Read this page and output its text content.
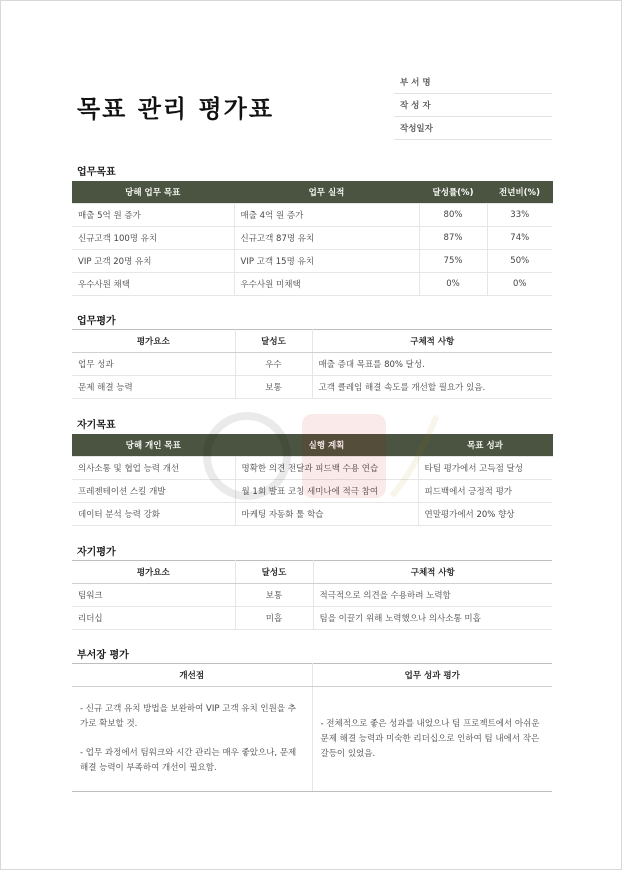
목표 관리 평가표
부 서 명
작 성 자
작성일자
업무목표
당해 업무 목표	업무 실적	달성률(%)	전년비(%)
매출 5억 원 증가	매출 4억 원 증가	80%	33%
신규고객 100명 유치	신규고객 87명 유치	87%	74%
VIP 고객 20명 유치	VIP 고객 15명 유치	75%	50%
우수사원 채택	우수사원 미채택	0%	0%
업무평가
평가요소	달성도	구체적 사항
업무 성과	우수	매출 증대 목표를 80% 달성.
문제 해결 능력	보통	고객 클레임 해결 속도를 개선할 필요가 있음.
자기목표
당해 개인 목표	실행 계획	목표 성과
의사소통 및 협업 능력 개선	명확한 의견 전달과 피드백 수용 연습	타팀 평가에서 고득점 달성
프레젠테이션 스킬 개발	월 1회 발표 코칭 세미나에 적극 참여	피드백에서 긍정적 평가
데이터 분석 능력 강화	마케팅 자동화 툴 학습	연말평가에서 20% 향상
자기평가
평가요소	달성도	구체적 사항
팀워크	보통	적극적으로 의견을 수용하려 노력함
리더십	미흡	팀을 이끌기 위해 노력했으나 의사소통 미흡
부서장 평가
개선점	업무 성과 평가

- 신규 고객 유치 방법을 보완하여 VIP 고객 유치 인원을 추가로 확보할 것.

- 업무 과정에서 팀워크와 시간 관리는 매우 좋았으나, 문제 해결 능력이 부족하여 개선이 필요함.	- 전체적으로 좋은 성과를 내었으나 팀 프로젝트에서 아쉬운 문제 해결 능력과 미숙한 리더십으로 인하여 팀 내에서 작은 갈등이 있었음.
